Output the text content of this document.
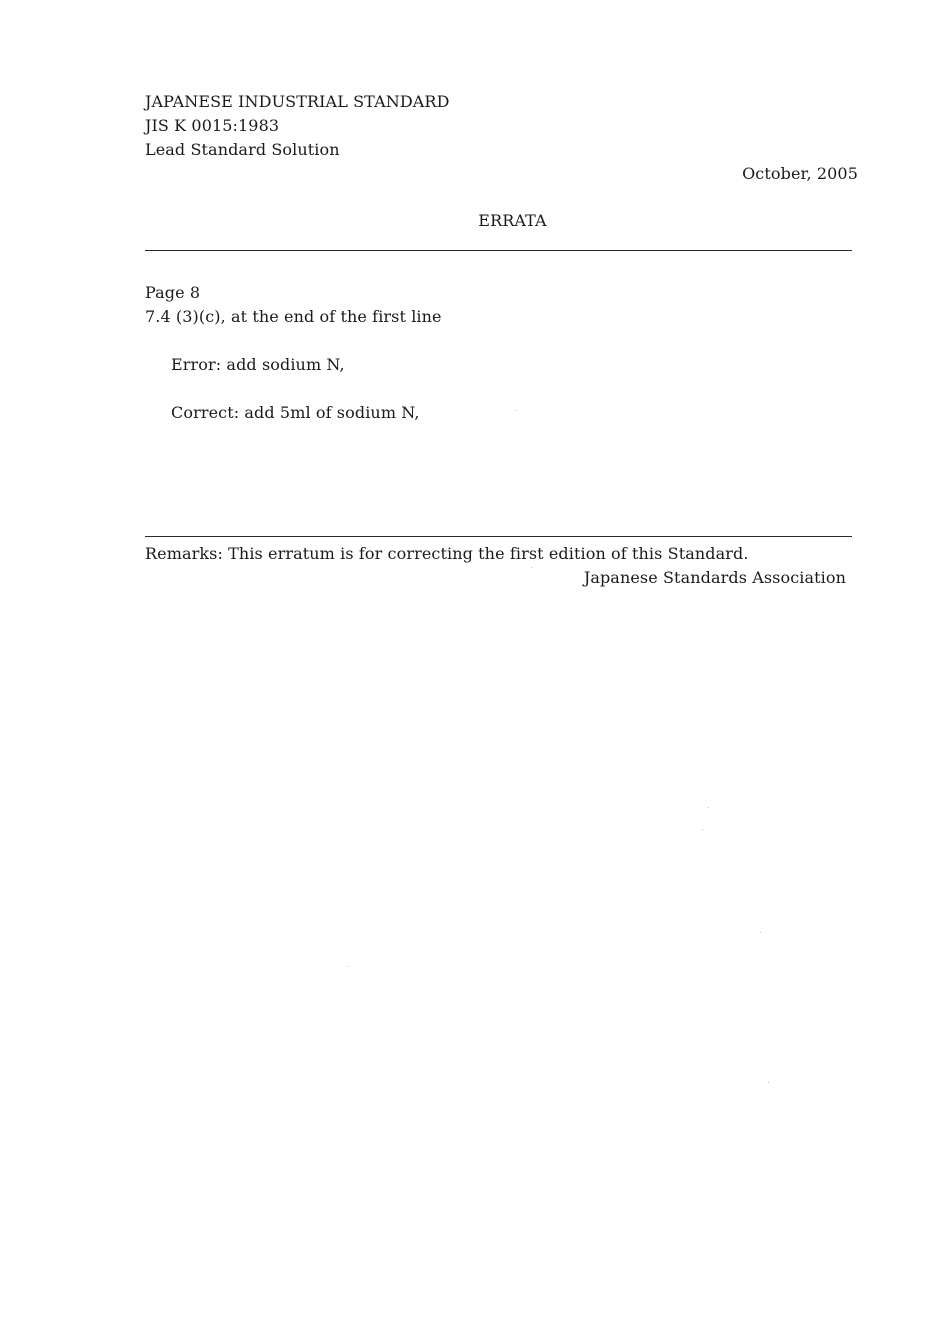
JAPANESE INDUSTRIAL STANDARD
JIS K 0015:1983
Lead Standard Solution
October, 2005
ERRATA
Page 8
7.4 (3)(c), at the end of the first line
Error: add sodium N,
Correct: add 5ml of sodium N,
Remarks: This erratum is for correcting the first edition of this Standard.
Japanese Standards Association
